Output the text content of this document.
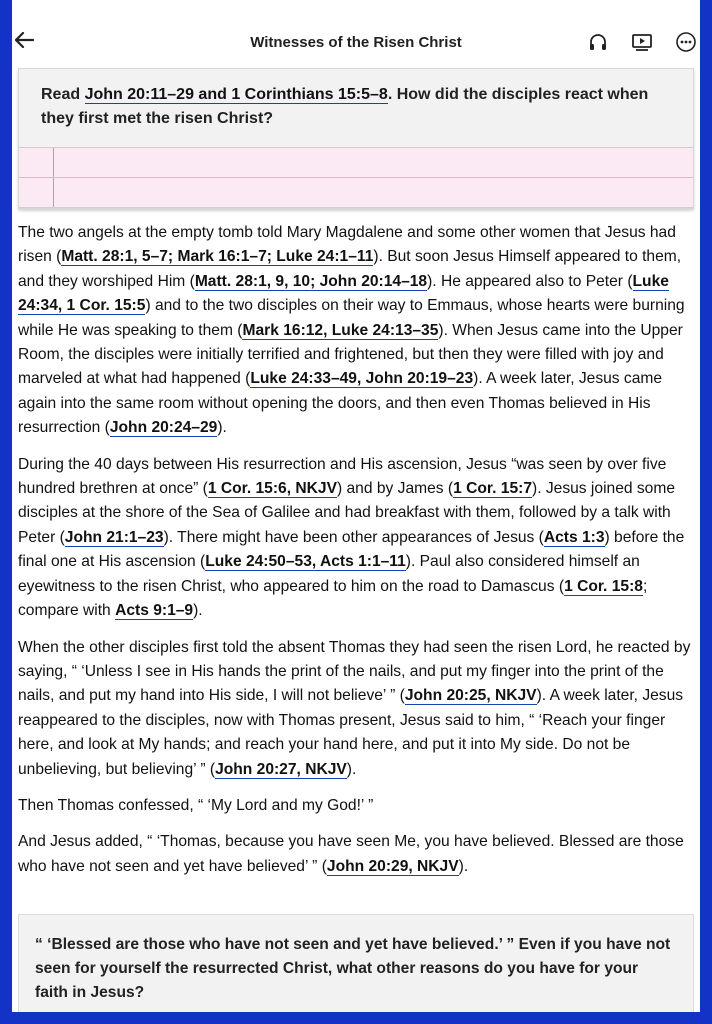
Witnesses of the Risen Christ
Read John 20:11–29 and 1 Corinthians 15:5–8. How did the disciples react when they first met the risen Christ?

The two angels at the empty tomb told Mary Magdalene and some other women that Jesus had risen (Matt. 28:1, 5–7; Mark 16:1–7; Luke 24:1–11). But soon Jesus Himself appeared to them, and they worshiped Him (Matt. 28:1, 9, 10; John 20:14–18). He appeared also to Peter (Luke 24:34, 1 Cor. 15:5) and to the two disciples on their way to Emmaus, whose hearts were burning while He was speaking to them (Mark 16:12, Luke 24:13–35). When Jesus came into the Upper Room, the disciples were initially terrified and frightened, but then they were filled with joy and marveled at what had happened (Luke 24:33–49, John 20:19–23). A week later, Jesus came again into the same room without opening the doors, and then even Thomas believed in His resurrection (John 20:24–29).

During the 40 days between His resurrection and His ascension, Jesus “was seen by over five hundred brethren at once” (1 Cor. 15:6, NKJV) and by James (1 Cor. 15:7). Jesus joined some disciples at the shore of the Sea of Galilee and had breakfast with them, followed by a talk with Peter (John 21:1–23). There might have been other appearances of Jesus (Acts 1:3) before the final one at His ascension (Luke 24:50–53, Acts 1:1–11). Paul also considered himself an eyewitness to the risen Christ, who appeared to him on the road to Damascus (1 Cor. 15:8; compare with Acts 9:1–9).

When the other disciples first told the absent Thomas they had seen the risen Lord, he reacted by saying, “ ‘Unless I see in His hands the print of the nails, and put my finger into the print of the nails, and put my hand into His side, I will not believe’ ” (John 20:25, NKJV). A week later, Jesus reappeared to the disciples, now with Thomas present, Jesus said to him, “ ‘Reach your finger here, and look at My hands; and reach your hand here, and put it into My side. Do not be unbelieving, but believing’ ” (John 20:27, NKJV).

Then Thomas confessed, “ ‘My Lord and my God!’ ”

And Jesus added, “ ‘Thomas, because you have seen Me, you have believed. Blessed are those who have not seen and yet have believed’ ” (John 20:29, NKJV).

“ ‘Blessed are those who have not seen and yet have believed.’ ” Even if you have not seen for yourself the resurrected Christ, what other reasons do you have for your faith in Jesus?
